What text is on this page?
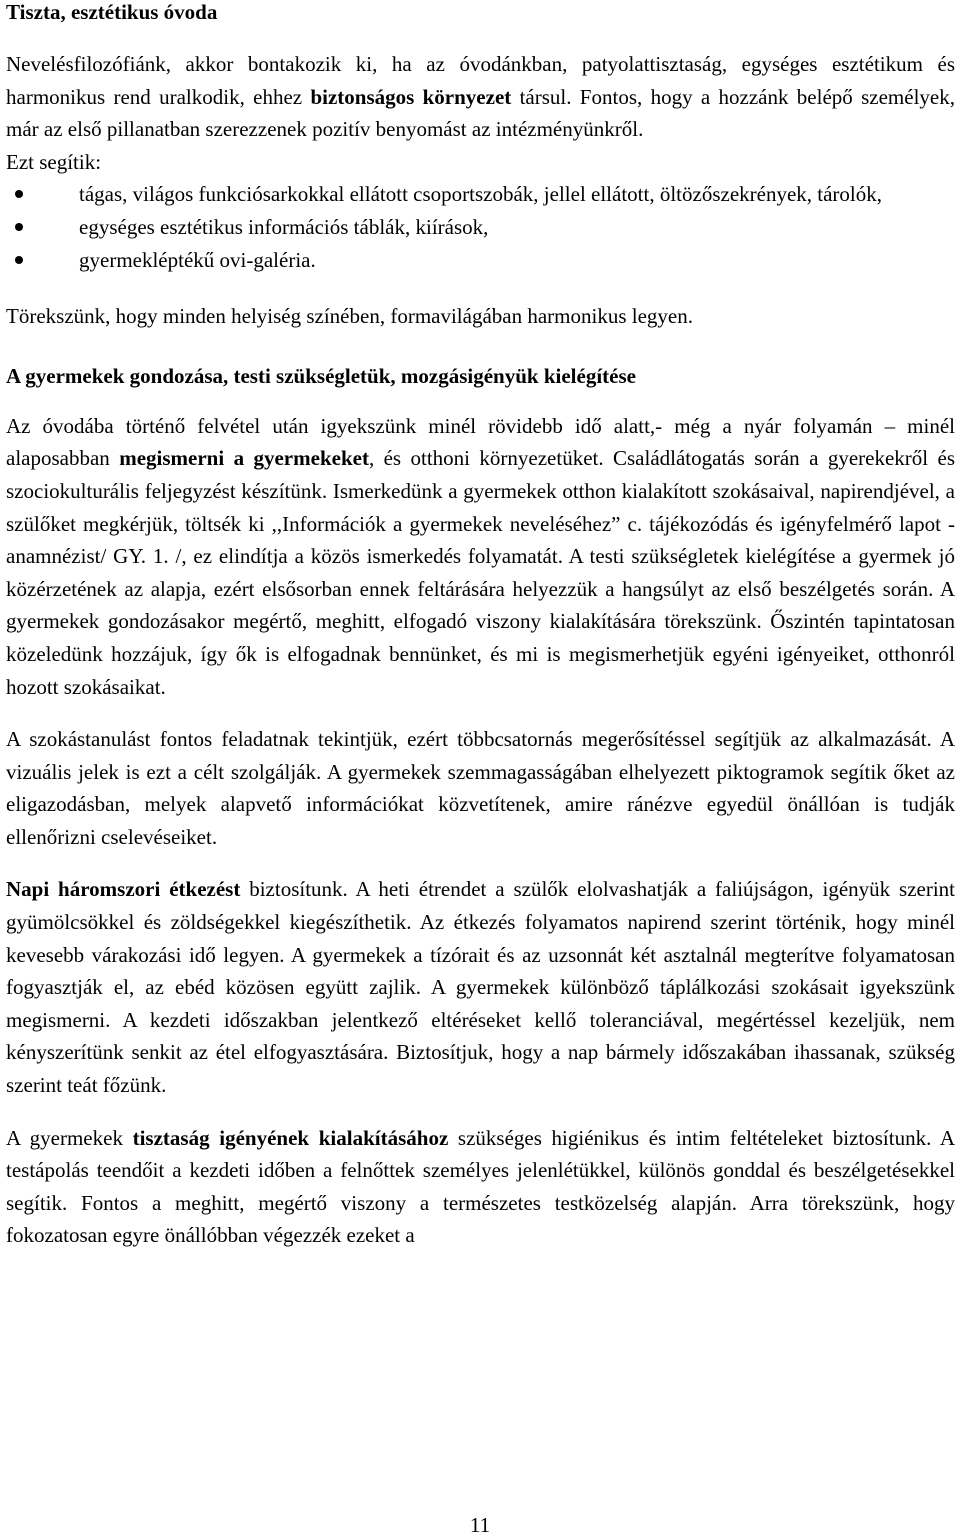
Tiszta, esztétikus óvoda

Nevelésfilozófiánk, akkor bontakozik ki, ha az óvodánkban, patyolattisztaság, egységes esztétikum és harmonikus rend uralkodik, ehhez biztonságos környezet társul. Fontos, hogy a hozzánk belépő személyek, már az első pillanatban szerezzenek pozitív benyomást az intézményünkről.

Ezt segítik:

tágas, világos funkciósarkokkal ellátott csoportszobák, jellel ellátott, öltözőszekrények, tárolók,
egységes esztétikus információs táblák, kiírások,
gyermekléptékű ovi-galéria.

Törekszünk, hogy minden helyiség színében, formavilágában harmonikus legyen.

A gyermekek gondozása, testi szükségletük, mozgásigényük kielégítése

Az óvodába történő felvétel után igyekszünk minél rövidebb idő alatt,- még a nyár folyamán – minél alaposabban megismerni a gyermekeket, és otthoni környezetüket. Családlátogatás során a gyerekekről és szociokulturális feljegyzést készítünk. Ismerkedünk a gyermekek otthon kialakított szokásaival, napirendjével, a szülőket megkérjük, töltsék ki ,,Információk a gyermekek neveléséhez” c. tájékozódás és igényfelmérő lapot - anamnézist/ GY. 1. /, ez elindítja a közös ismerkedés folyamatát. A testi szükségletek kielégítése a gyermek jó közérzetének az alapja, ezért elsősorban ennek feltárására helyezzük a hangsúlyt az első beszélgetés során. A gyermekek gondozásakor megértő, meghitt, elfogadó viszony kialakítására törekszünk. Őszintén tapintatosan közeledünk hozzájuk, így ők is elfogadnak bennünket, és mi is megismerhetjük egyéni igényeiket, otthonról hozott szokásaikat.

A szokástanulást fontos feladatnak tekintjük, ezért többcsatornás megerősítéssel segítjük az alkalmazását. A vizuális jelek is ezt a célt szolgálják. A gyermekek szemmagasságában elhelyezett piktogramok segítik őket az eligazodásban, melyek alapvető információkat közvetítenek, amire ránézve egyedül önállóan is tudják ellenőrizni cselevéseiket.

Napi háromszori étkezést biztosítunk. A heti étrendet a szülők elolvashatják a faliújságon, igényük szerint gyümölcsökkel és zöldségekkel kiegészíthetik. Az étkezés folyamatos napirend szerint történik, hogy minél kevesebb várakozási idő legyen. A gyermekek a tízórait és az uzsonnát két asztalnál megterítve folyamatosan fogyasztják el, az ebéd közösen együtt zajlik. A gyermekek különböző táplálkozási szokásait igyekszünk megismerni. A kezdeti időszakban jelentkező eltéréseket kellő toleranciával, megértéssel kezeljük, nem kényszerítünk senkit az étel elfogyasztására. Biztosítjuk, hogy a nap bármely időszakában ihassanak, szükség szerint teát főzünk.

A gyermekek tisztaság igényének kialakításához szükséges higiénikus és intim feltételeket biztosítunk. A testápolás teendőit a kezdeti időben a felnőttek személyes jelenlétükkel, különös gonddal és beszélgetésekkel segítik. Fontos a meghitt, megértő viszony a természetes testközelség alapján. Arra törekszünk, hogy fokozatosan egyre önállóbban végezzék ezeket a

11
